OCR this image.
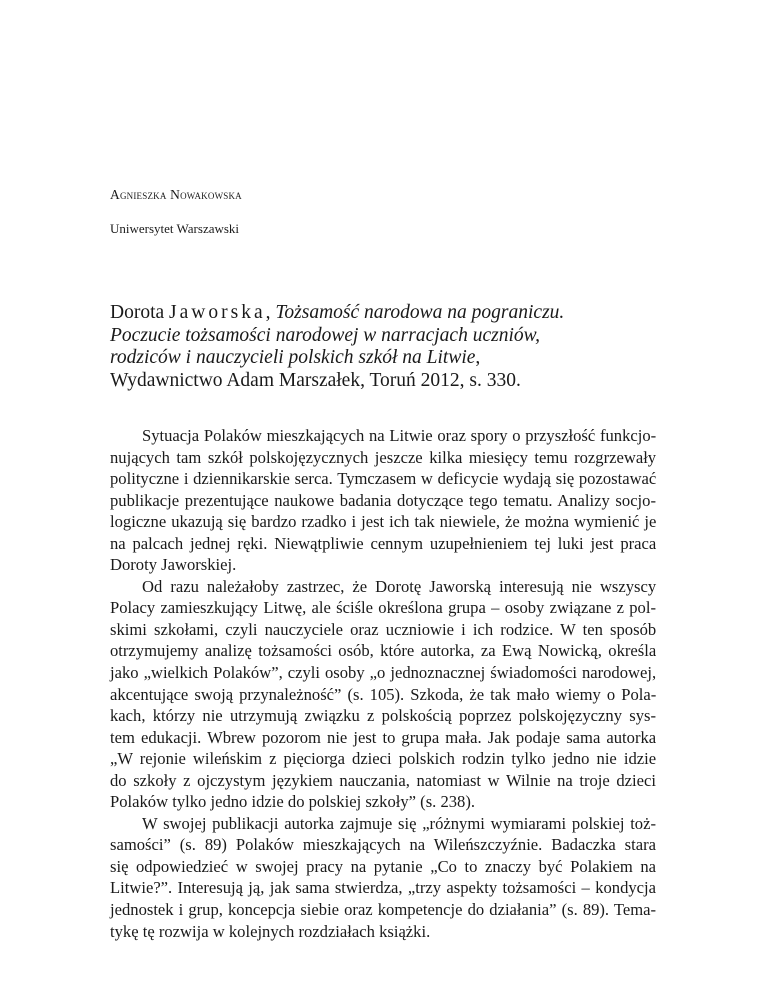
Agnieszka Nowakowska
Uniwersytet Warszawski
Dorota Jaworska, Tożsamość narodowa na pograniczu.
Poczucie tożsamości narodowej w narracjach uczniów,
rodziców i nauczycieli polskich szkół na Litwie,
Wydawnictwo Adam Marszałek, Toruń 2012, s. 330.
Sytuacja Polaków mieszkających na Litwie oraz spory o przyszłość funkcjo-
nujących tam szkół polskojęzycznych jeszcze kilka miesięcy temu rozgrzewały
polityczne i dziennikarskie serca. Tymczasem w deficycie wydają się pozostawać
publikacje prezentujące naukowe badania dotyczące tego tematu. Analizy socjo-
logiczne ukazują się bardzo rzadko i jest ich tak niewiele, że można wymienić je
na palcach jednej ręki. Niewątpliwie cennym uzupełnieniem tej luki jest praca
Doroty Jaworskiej.
Od razu należałoby zastrzec, że Dorotę Jaworską interesują nie wszyscy
Polacy zamieszkujący Litwę, ale ściśle określona grupa – osoby związane z pol-
skimi szkołami, czyli nauczyciele oraz uczniowie i ich rodzice. W ten sposób
otrzymujemy analizę tożsamości osób, które autorka, za Ewą Nowicką, określa
jako „wielkich Polaków”, czyli osoby „o jednoznacznej świadomości narodowej,
akcentujące swoją przynależność” (s. 105). Szkoda, że tak mało wiemy o Pola-
kach, którzy nie utrzymują związku z polskością poprzez polskojęzyczny sys-
tem edukacji. Wbrew pozorom nie jest to grupa mała. Jak podaje sama autorka
„W rejonie wileńskim z pięciorga dzieci polskich rodzin tylko jedno nie idzie
do szkoły z ojczystym językiem nauczania, natomiast w Wilnie na troje dzieci
Polaków tylko jedno idzie do polskiej szkoły” (s. 238).
W swojej publikacji autorka zajmuje się „różnymi wymiarami polskiej toż-
samości” (s. 89) Polaków mieszkających na Wileńszczyźnie. Badaczka stara
się odpowiedzieć w swojej pracy na pytanie „Co to znaczy być Polakiem na
Litwie?”. Interesują ją, jak sama stwierdza, „trzy aspekty tożsamości – kondycja
jednostek i grup, koncepcja siebie oraz kompetencje do działania” (s. 89). Tema-
tykę tę rozwija w kolejnych rozdziałach książki.
